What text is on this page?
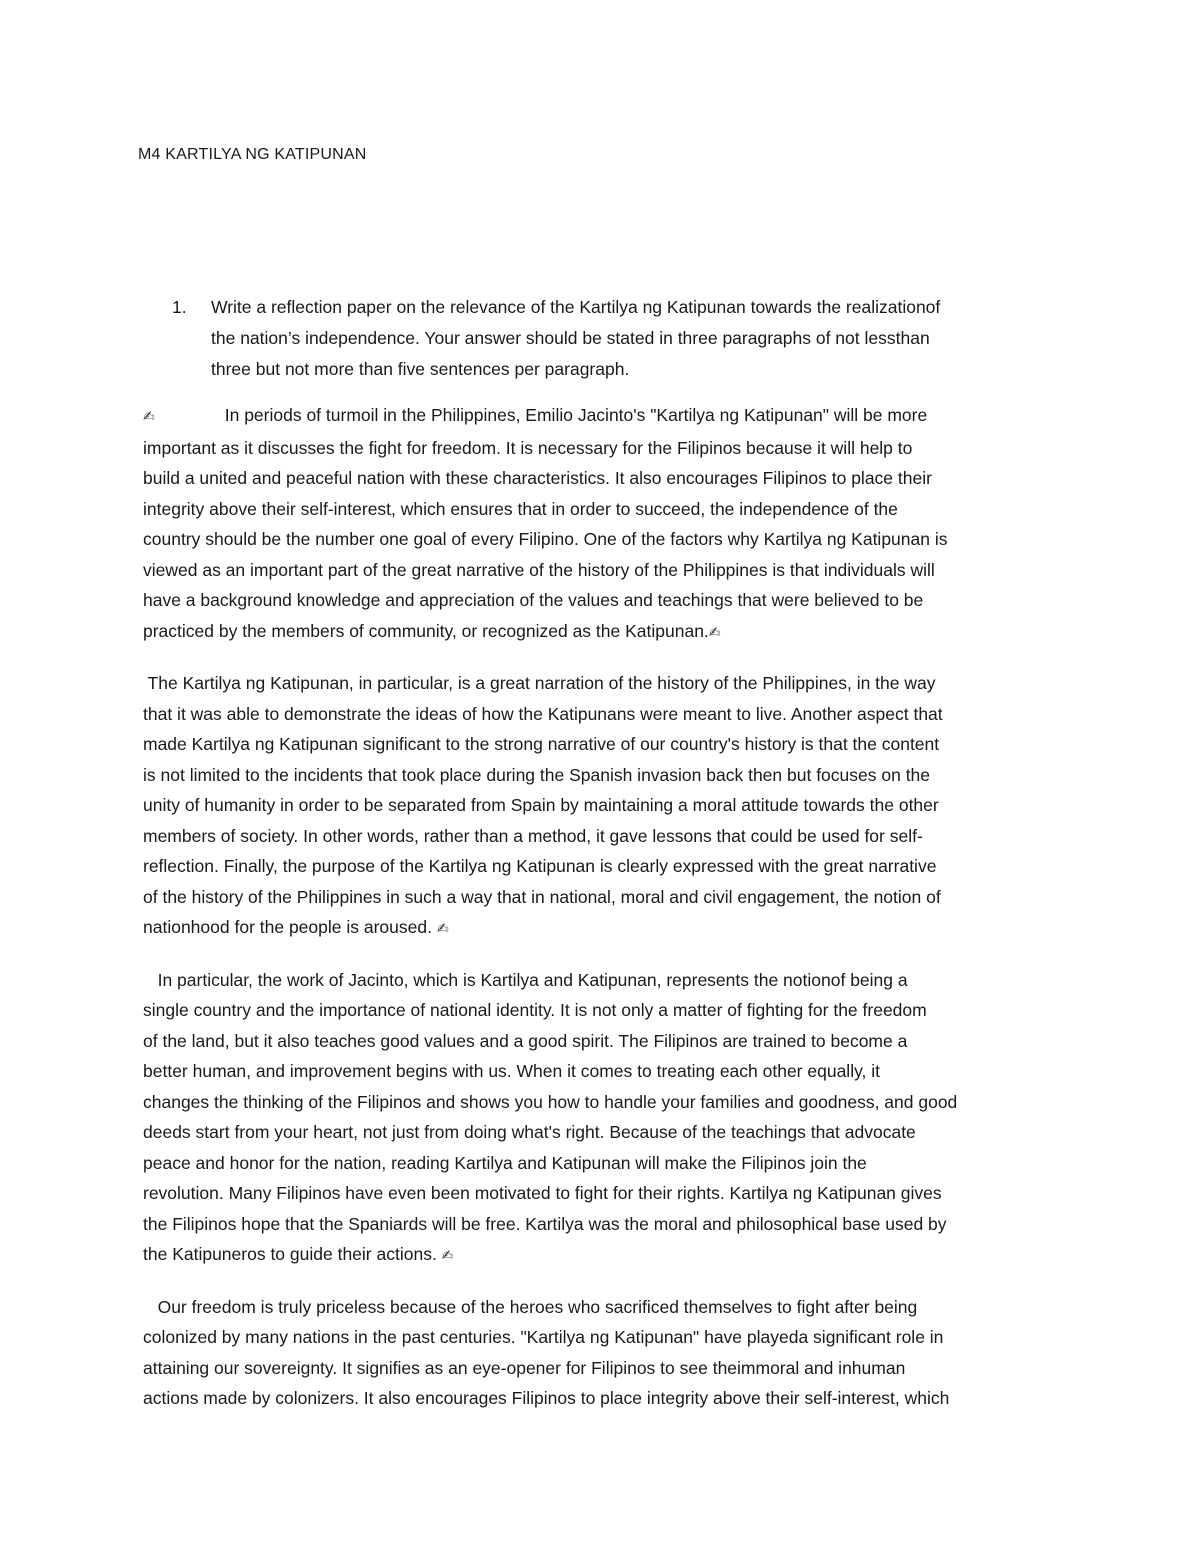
M4 KARTILYA NG KATIPUNAN
1.	Write a reflection paper on the relevance of the Kartilya ng Katipunan towards the realizationof
the nation’s independence. Your answer should be stated in three paragraphs of not lessthan
three but not more than five sentences per paragraph.

✍	In periods of turmoil in the Philippines, Emilio Jacinto's "Kartilya ng Katipunan" will be more
important as it discusses the fight for freedom. It is necessary for the Filipinos because it will help to
build a united and peaceful nation with these characteristics. It also encourages Filipinos to place their
integrity above their self-interest, which ensures that in order to succeed, the independence of the
country should be the number one goal of every Filipino. One of the factors why Kartilya ng Katipunan is
viewed as an important part of the great narrative of the history of the Philippines is that individuals will
have a background knowledge and appreciation of the values and teachings that were believed to be
practiced by the members of community, or recognized as the Katipunan.✍

The Kartilya ng Katipunan, in particular, is a great narration of the history of the Philippines, in the way
that it was able to demonstrate the ideas of how the Katipunans were meant to live. Another aspect that
made Kartilya ng Katipunan significant to the strong narrative of our country's history is that the content
is not limited to the incidents that took place during the Spanish invasion back then but focuses on the
unity of humanity in order to be separated from Spain by maintaining a moral attitude towards the other
members of society. In other words, rather than a method, it gave lessons that could be used for self-
reflection. Finally, the purpose of the Kartilya ng Katipunan is clearly expressed with the great narrative
of the history of the Philippines in such a way that in national, moral and civil engagement, the notion of
nationhood for the people is aroused. ✍

In particular, the work of Jacinto, which is Kartilya and Katipunan, represents the notionof being a
single country and the importance of national identity. It is not only a matter of fighting for the freedom
of the land, but it also teaches good values and a good spirit. The Filipinos are trained to become a
better human, and improvement begins with us. When it comes to treating each other equally, it
changes the thinking of the Filipinos and shows you how to handle your families and goodness, and good
deeds start from your heart, not just from doing what's right. Because of the teachings that advocate
peace and honor for the nation, reading Kartilya and Katipunan will make the Filipinos join the
revolution. Many Filipinos have even been motivated to fight for their rights. Kartilya ng Katipunan gives
the Filipinos hope that the Spaniards will be free. Kartilya was the moral and philosophical base used by
the Katipuneros to guide their actions. ✍

Our freedom is truly priceless because of the heroes who sacrificed themselves to fight after being
colonized by many nations in the past centuries. "Kartilya ng Katipunan" have playeda significant role in
attaining our sovereignty. It signifies as an eye-opener for Filipinos to see theimmoral and inhuman
actions made by colonizers. It also encourages Filipinos to place integrity above their self-interest, which
